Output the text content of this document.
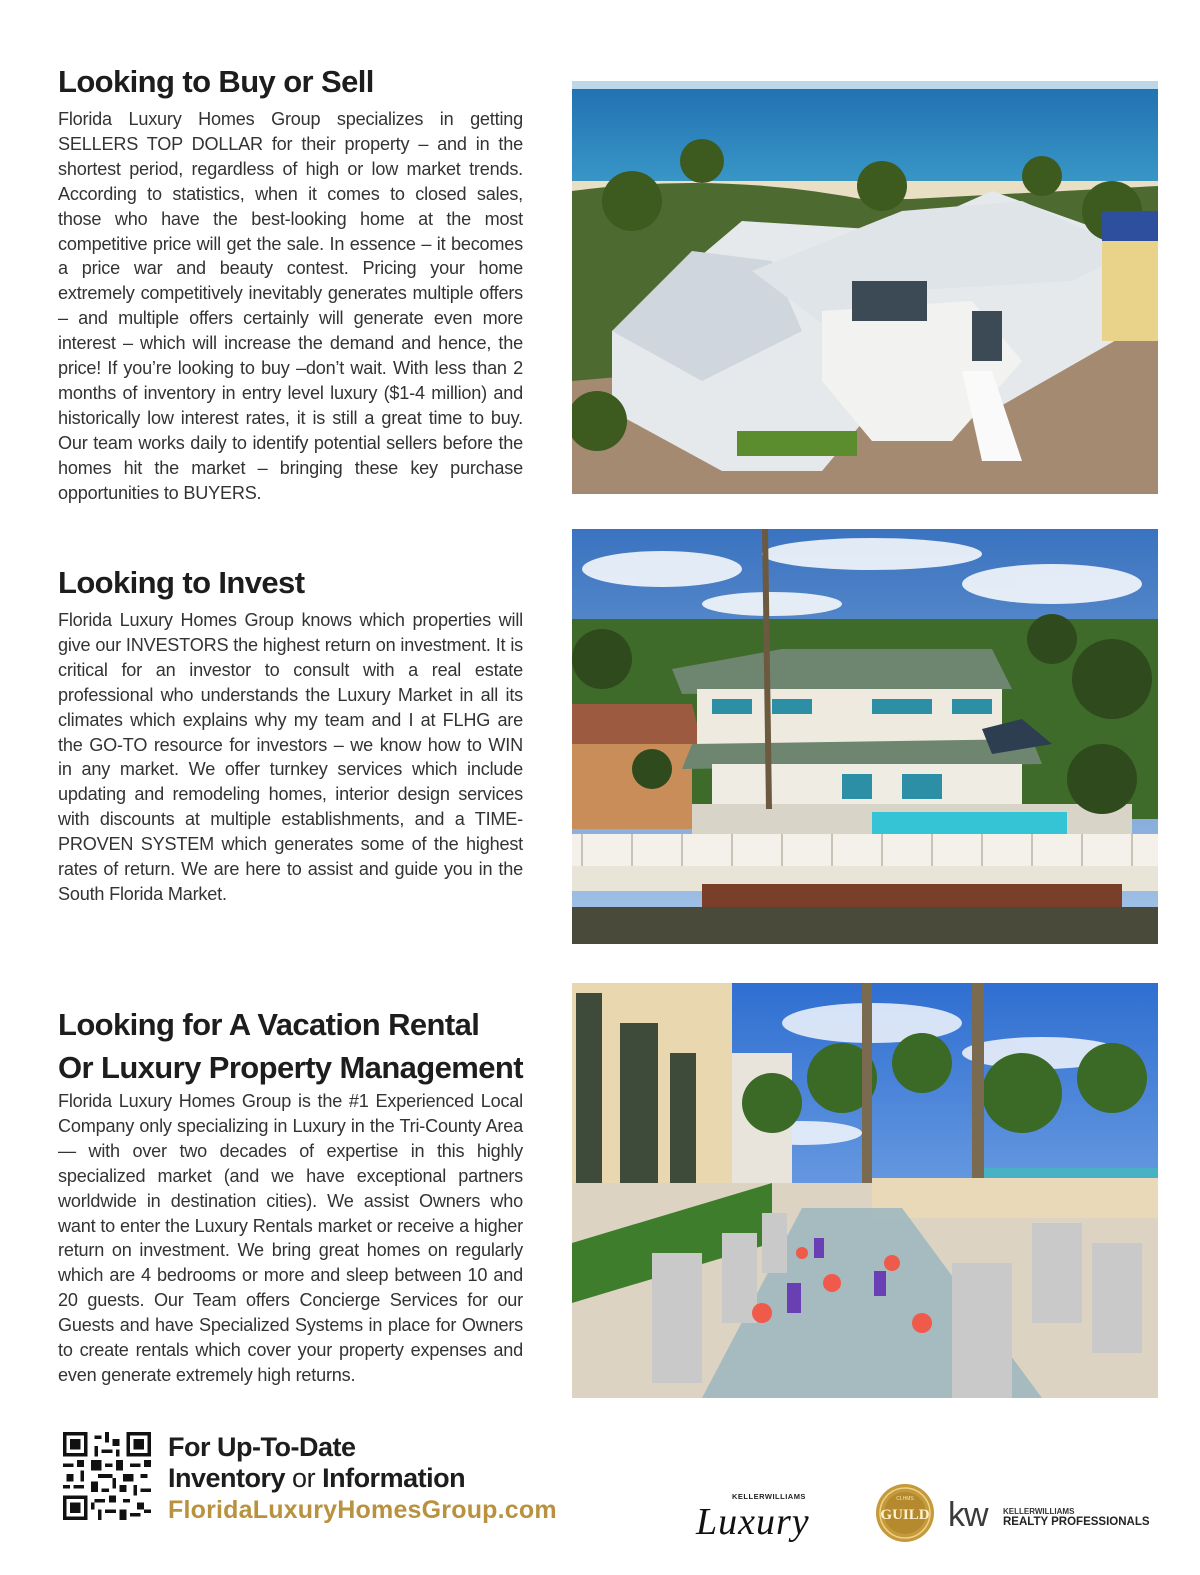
Looking to Buy or Sell

Florida Luxury Homes Group specializes in getting SELLERS TOP DOLLAR for their property – and in the shortest period, regardless of high or low market trends. According to statistics, when it comes to closed sales, those who have the best-looking home at the most competitive price will get the sale. In essence – it becomes a price war and beauty contest. Pricing your home extremely competitively inevitably generates multiple offers – and multiple offers certainly will generate even more interest – which will increase the demand and hence, the price! If you’re looking to buy –don’t wait. With less than 2 months of inventory in entry level luxury ($1-4 million) and historically low interest rates, it is still a great time to buy. Our team works daily to identify potential sellers before the homes hit the market – bringing these key purchase opportunities to BUYERS.

Looking to Invest

Florida Luxury Homes Group knows which properties will give our INVESTORS the highest return on investment. It is critical for an investor to consult with a real estate professional who understands the Luxury Market in all its climates which explains why my team and I at FLHG are the GO-TO resource for investors – we know how to WIN in any market. We offer turnkey services which include updating and remodeling homes, interior design services with discounts at multiple establishments, and a TIME-PROVEN SYSTEM which generates some of the highest rates of return. We are here to assist and guide you in the South Florida Market.

Looking for A Vacation Rental
Or Luxury Property Management

Florida Luxury Homes Group is the #1 Experienced Local Company only specializing in Luxury in the Tri-County Area — with over two decades of expertise in this highly specialized market (and we have exceptional partners worldwide in destination cities). We assist Owners who want to enter the Luxury Rentals market or receive a higher return on investment. We bring great homes on regularly which are 4 bedrooms or more and sleep between 10 and 20 guests. Our Team offers Concierge Services for our Guests and have Specialized Systems in place for Owners to create rentals which cover your property expenses and even generate extremely high returns.

For Up-To-Date
Inventory or Information
FloridaLuxuryHomesGroup.com	KELLERWILLIAMS
Luxury
CLHMS
GUILD kw KELLERWILLIAMS
REALTY PROFESSIONALS
